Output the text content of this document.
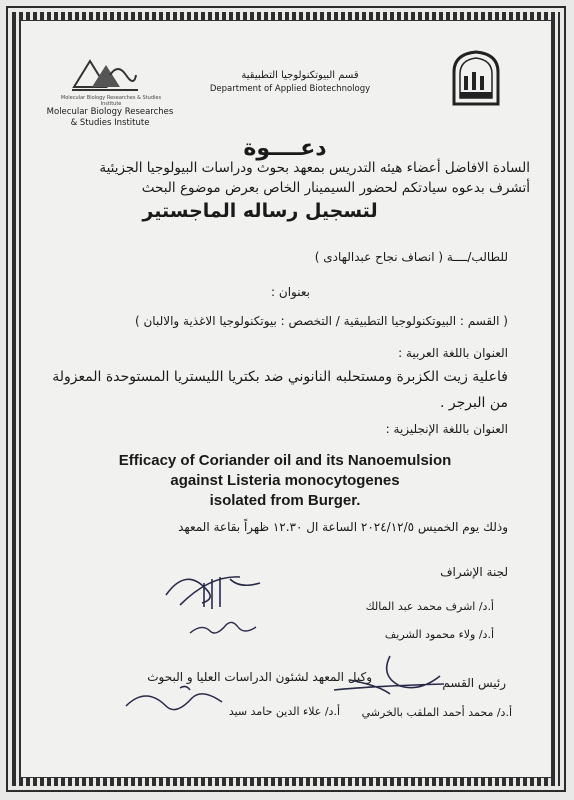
Molecular Biology Researches & Studies Institute
Molecular Biology Researches
& Studies Institute
قسم البيوتكنولوجيا التطبيقية
Department of Applied Biotechnology
دعــــوة
السادة الافاضل أعضاء هيئه التدريس بمعهد بحوث ودراسات البيولوجيا الجزيئية
أتشرف بدعوه سيادتكم لحضور السيمينار الخاص بعرض موضوع البحث
لتسجيل رساله الماجستير
للطالب/ــــة ( انصاف نجاح عبدالهادى )
بعنوان :
( القسم : البيوتكنولوجيا التطبيقية / التخصص : بيوتكنولوجيا الاغذية والالبان )
العنوان باللغة العربية :
فاعلية زيت الكزبرة ومستحلبه النانوني ضد بكتريا الليستريا المستوحدة المعزولة
من البرجر .
العنوان باللغة الإنجليزية :
Efficacy of Coriander oil and its Nanoemulsion
against Listeria monocytogenes
isolated from Burger.
وذلك يوم الخميس ٢٠٢٤/١٢/٥ الساعة ال ١٢.٣٠ ظهراً بقاعة المعهد
لجنة الإشراف
أ.د/ اشرف محمد عبد المالك
أ.د/ ولاء محمود الشريف
رئيس القسم
أ.د/ محمد أحمد الملقب بالخرشي
وكيل المعهد لشئون الدراسات العليا و البحوث
أ.د/ علاء الدين حامد سيد
